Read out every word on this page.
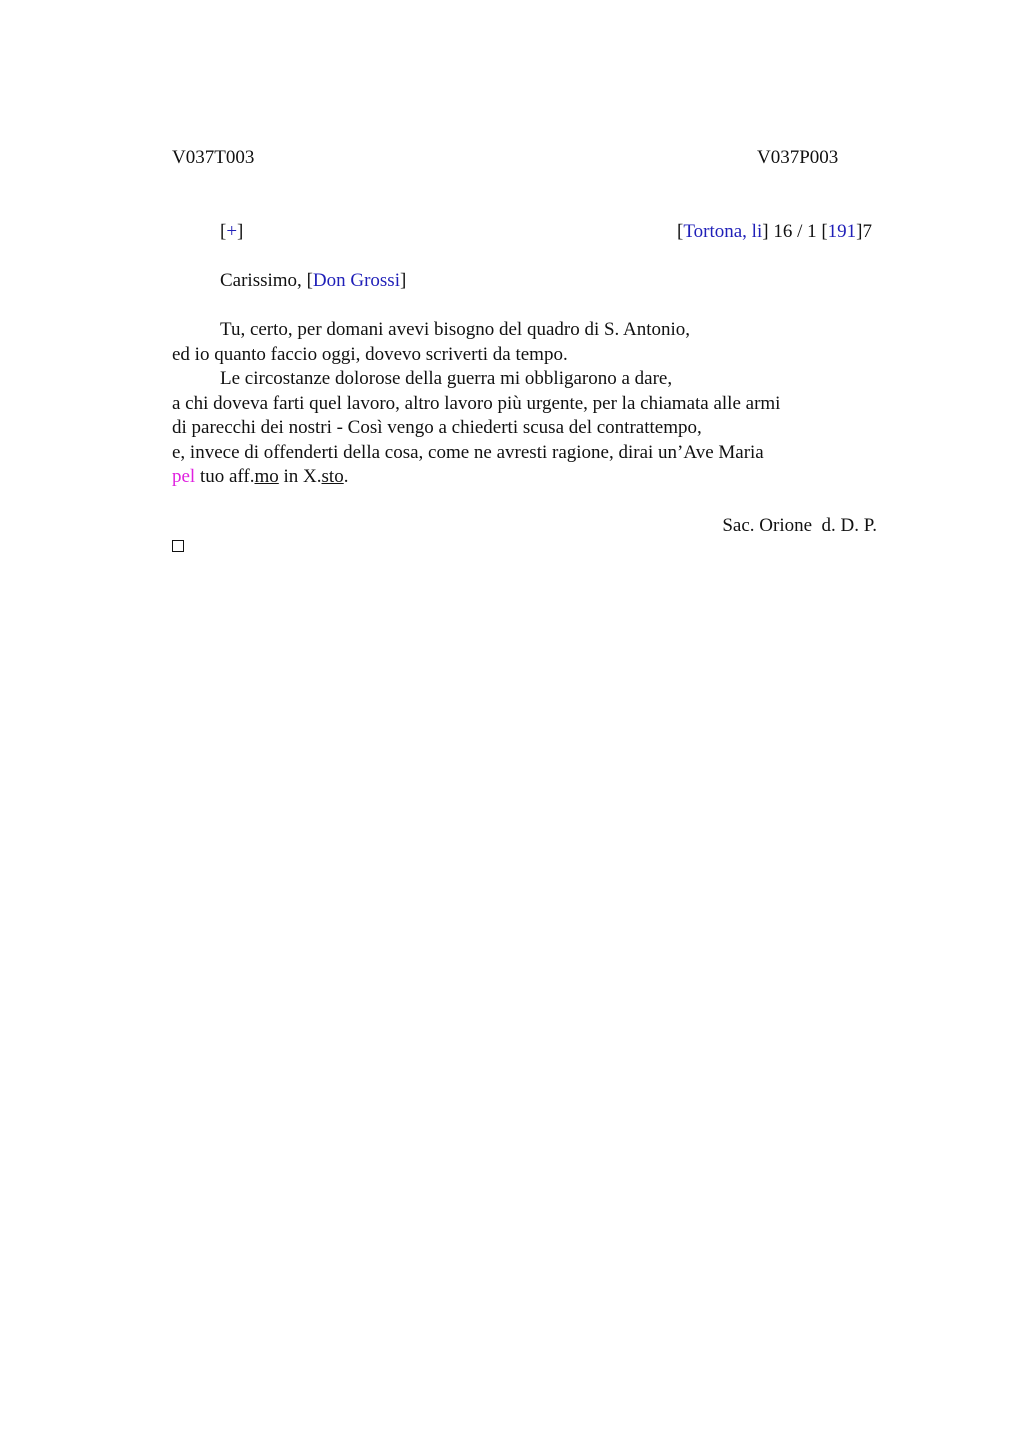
V037T003	V037P003
[+]	[Tortona, li] 16 / 1 [191]7
Carissimo, [Don Grossi]
Tu, certo, per domani avevi bisogno del quadro di S. Antonio,
ed io quanto faccio oggi, dovevo scriverti da tempo.
Le circostanze dolorose della guerra mi obbligarono a dare,
a chi doveva farti quel lavoro, altro lavoro più urgente, per la chiamata alle armi
di parecchi dei nostri - Così vengo a chiederti scusa del contrattempo,
e, invece di offenderti della cosa, come ne avresti ragione, dirai un’Ave Maria
pel tuo aff.mo in X.sto.
Sac. Orione  d. D. P.
